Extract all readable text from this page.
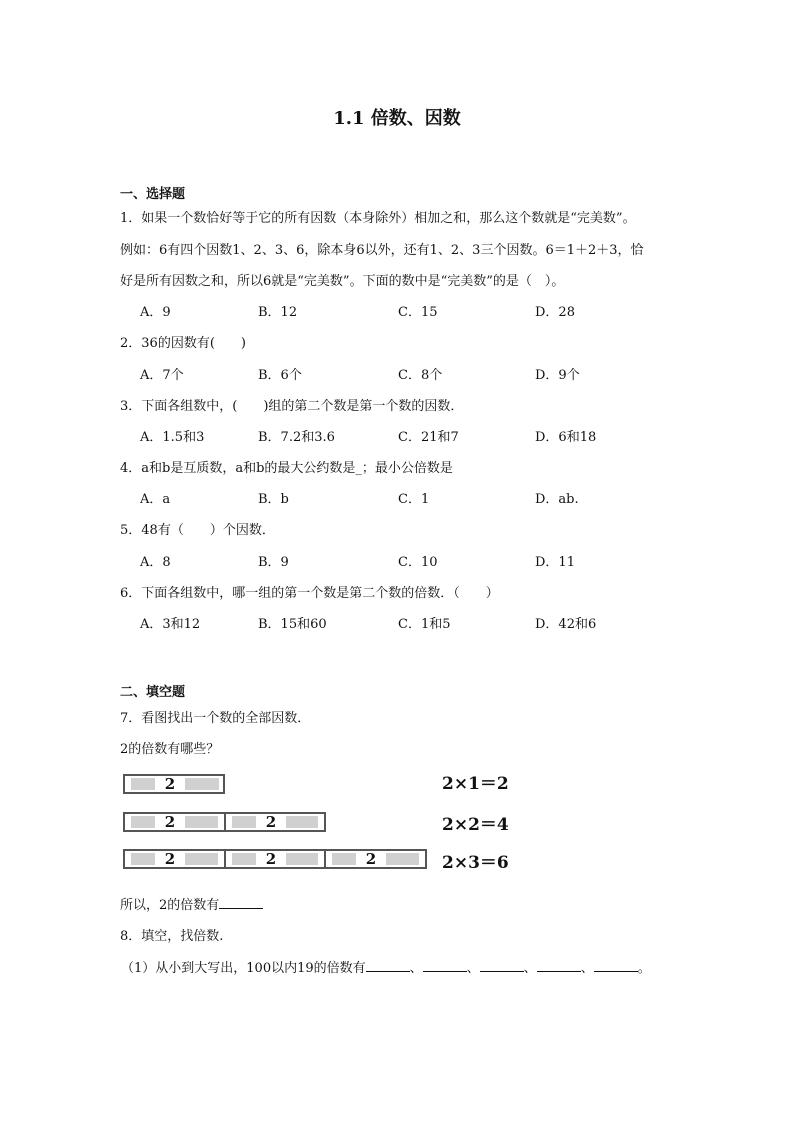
1.1 倍数、因数
一、选择题
1．如果一个数恰好等于它的所有因数（本身除外）相加之和，那么这个数就是“完美数”。
例如：6有四个因数1、2、3、6，除本身6以外，还有1、2、3三个因数。6＝1＋2＋3，恰
好是所有因数之和，所以6就是“完美数”。下面的数中是“完美数”的是（　）。
A．9	B．12	C．15	D．28
2．36的因数有(　　)
A．7个	B．6个	C．8个	D．9个
3．下面各组数中，(　　)组的第二个数是第一个数的因数．
A．1.5和3	B．7.2和3.6	C．21和7	D．6和18
4．a和b是互质数，a和b的最大公约数是_；最小公倍数是
A．a	B．b	C．1	D．ab.
5．48有（　　）个因数．
A．8	B．9	C．10	D．11
6．下面各组数中，哪一组的第一个数是第二个数的倍数．（　　）
A．3和12	B．15和60	C．1和5	D．42和6
二、填空题
7．看图找出一个数的全部因数．
2的倍数有哪些？
2	2×1＝2
2	2	2×2＝4
2	2	2	2×3＝6
所以，2的倍数有
8．填空，找倍数.
（1）从小到大写出，100以内19的倍数有	、	、	、	、	。
